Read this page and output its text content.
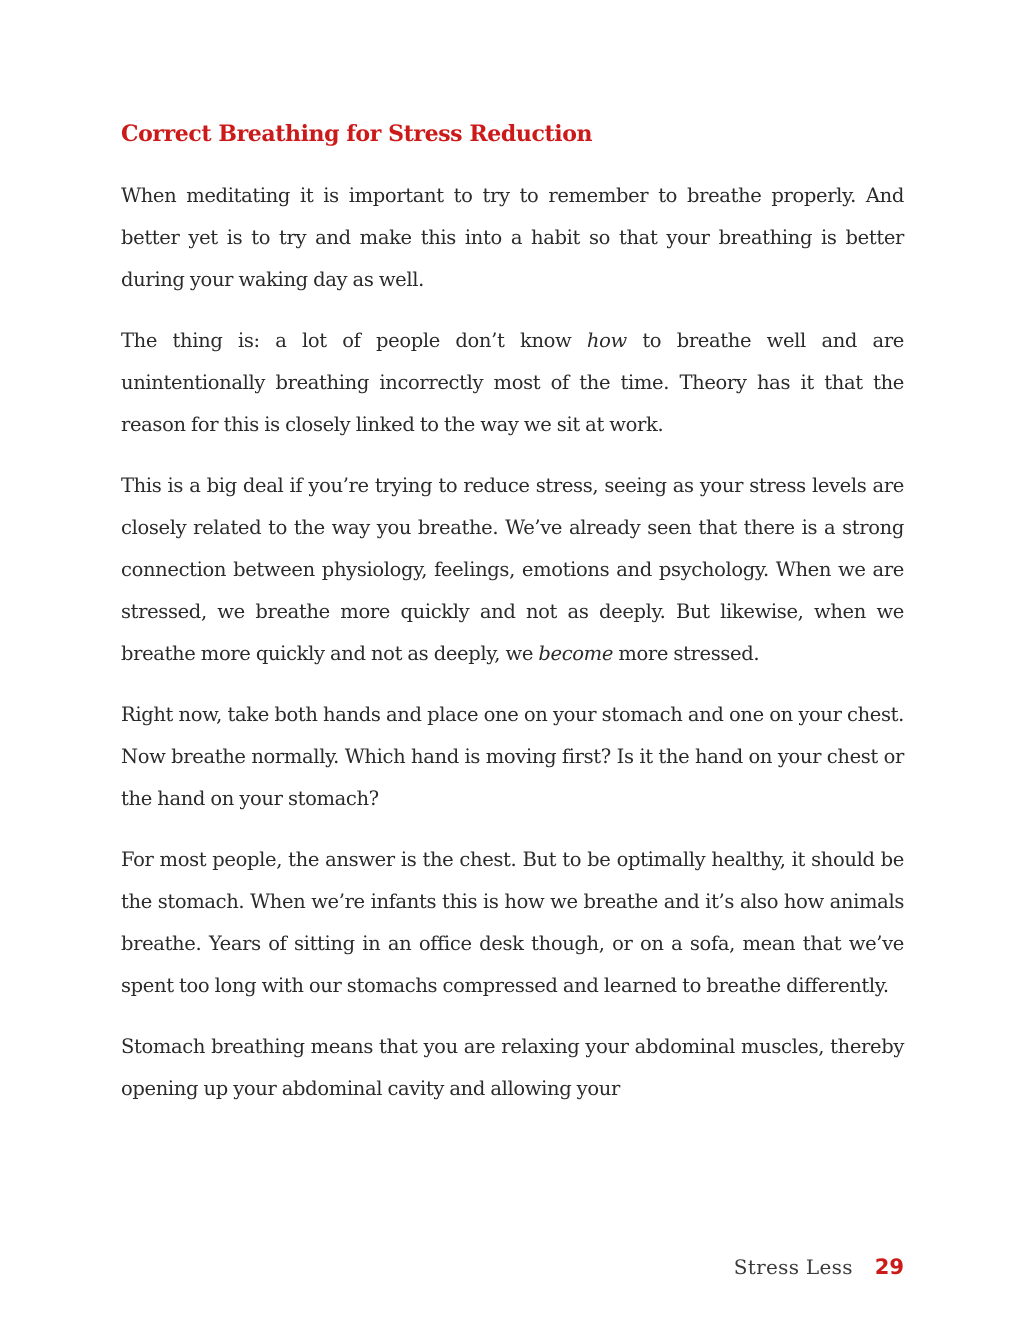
Correct Breathing for Stress Reduction

When meditating it is important to try to remember to breathe properly. And better yet is to try and make this into a habit so that your breathing is better during your waking day as well.

The thing is: a lot of people don’t know how to breathe well and are unintentionally breathing incorrectly most of the time. Theory has it that the reason for this is closely linked to the way we sit at work.

This is a big deal if you’re trying to reduce stress, seeing as your stress levels are closely related to the way you breathe. We’ve already seen that there is a strong connection between physiology, feelings, emotions and psychology. When we are stressed, we breathe more quickly and not as deeply. But likewise, when we breathe more quickly and not as deeply, we become more stressed.

Right now, take both hands and place one on your stomach and one on your chest. Now breathe normally. Which hand is moving first? Is it the hand on your chest or the hand on your stomach?

For most people, the answer is the chest. But to be optimally healthy, it should be the stomach. When we’re infants this is how we breathe and it’s also how animals breathe. Years of sitting in an office desk though, or on a sofa, mean that we’ve spent too long with our stomachs compressed and learned to breathe differently.

Stomach breathing means that you are relaxing your abdominal muscles, thereby opening up your abdominal cavity and allowing your

Stress Less 29
